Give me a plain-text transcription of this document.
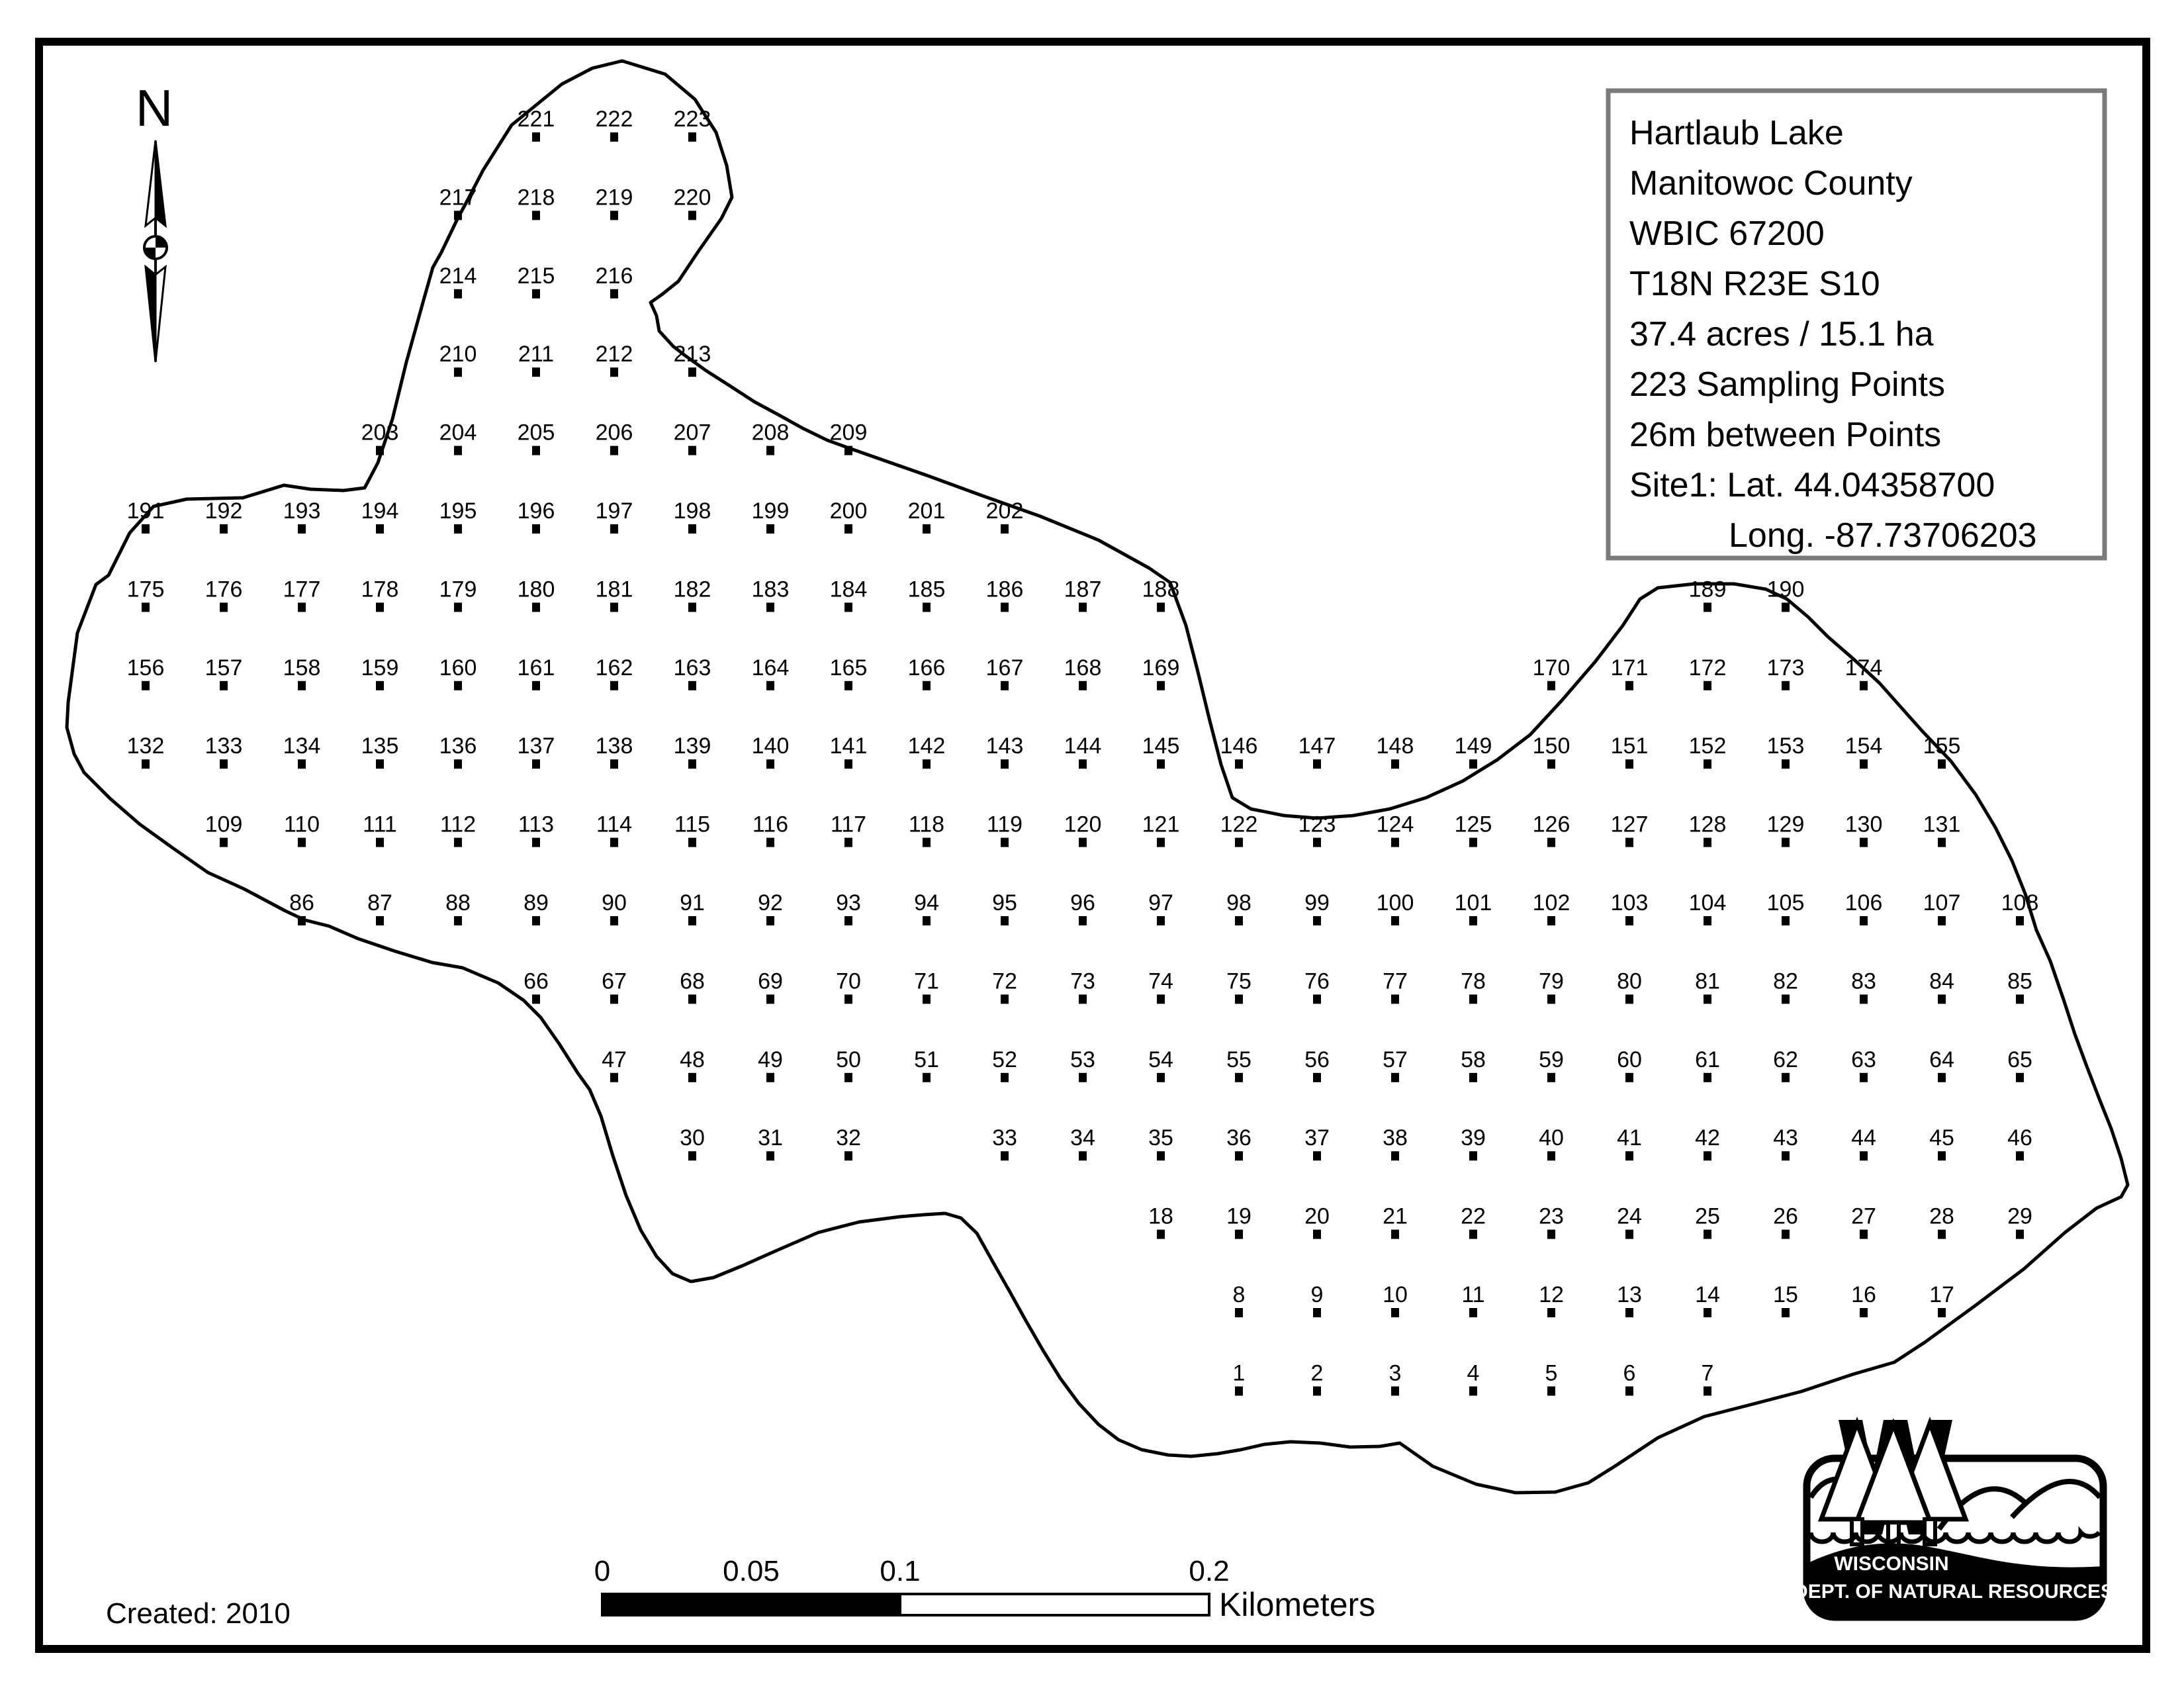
N	221 222 223
217 218 219 220
214 215 216
210 211 212 213
203 204 205 206 207 208 209
191 192 193 194 195 196 197 198 199 200 201 202
175 176 177 178 179 180 181 182 183 184 185 186 187 188	189 190
156 157 158 159 160 161 162 163 164 165 166 167 168 169	170 171 172 173 174
132 133 134 135 136 137 138 139 140 141 142 143 144 145 146 147 148 149 150 151 152 153 154 155
109 110 111 112 113 114 115 116 117 118 119 120 121 122 123 124 125 126 127 128 129 130 131
86 87 88 89 90 91 92 93 94 95 96 97 98 99 100 101 102 103 104 105 106 107 108
66 67 68 69 70 71 72 73 74 75 76 77 78 79 80 81 82 83 84 85
47 48 49 50 51 52 53 54 55 56 57 58 59 60 61 62 63 64 65
30 31 32	33 34 35 36 37 38 39 40 41 42 43 44 45 46
18 19 20 21 22 23 24 25 26 27 28 29
8	9	10 11 12 13 14 15 16 17
1	2	3	4	5	6	7
Hartlaub Lake
Manitowoc County
WBIC 67200
T18N R23E S10
37.4 acres / 15.1 ha
223 Sampling Points
26m between Points
Site1: Lat. 44.04358700
Long. -87.73706203
0	0.05	0.1	0.2
Kilometers
Created: 2010
WISCONSIN
DEPT. OF NATURAL RESOURCES
